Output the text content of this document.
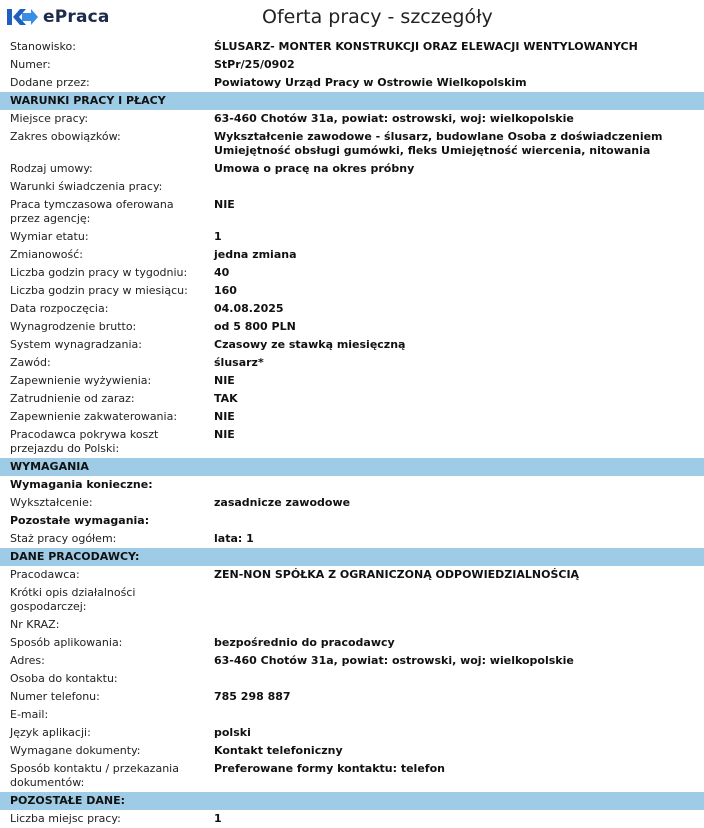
ePraca	Oferta pracy - szczegóły
Stanowisko:	ŚLUSARZ- MONTER KONSTRUKCJI ORAZ ELEWACJI WENTYLOWANYCH
Numer:	StPr/25/0902
Dodane przez:	Powiatowy Urząd Pracy w Ostrowie Wielkopolskim
WARUNKI PRACY I PŁACY	
Miejsce pracy:	63-460 Chotów 31a, powiat: ostrowski, woj: wielkopolskie
Zakres obowiązków:	Wykształcenie zawodowe - ślusarz, budowlane Osoba z doświadczeniem Umiejętność obsługi gumówki, fleks Umiejętność wiercenia, nitowania
Rodzaj umowy:	Umowa o pracę na okres próbny
Warunki świadczenia pracy:	
Praca tymczasowa oferowana przez agencję:	NIE
Wymiar etatu:	1
Zmianowość:	jedna zmiana
Liczba godzin pracy w tygodniu:	40
Liczba godzin pracy w miesiącu:	160
Data rozpoczęcia:	04.08.2025
Wynagrodzenie brutto:	od 5 800 PLN
System wynagradzania:	Czasowy ze stawką miesięczną
Zawód:	ślusarz*
Zapewnienie wyżywienia:	NIE
Zatrudnienie od zaraz:	TAK
Zapewnienie zakwaterowania:	NIE
Pracodawca pokrywa koszt przejazdu do Polski:	NIE
WYMAGANIA	
Wymagania konieczne:	
Wykształcenie:	zasadnicze zawodowe
Pozostałe wymagania:	
Staż pracy ogółem:	lata: 1
DANE PRACODAWCY:	
Pracodawca:	ZEN-NON SPÓŁKA Z OGRANICZONĄ ODPOWIEDZIALNOŚCIĄ
Krótki opis działalności gospodarczej:	
Nr KRAZ:	
Sposób aplikowania:	bezpośrednio do pracodawcy
Adres:	63-460 Chotów 31a, powiat: ostrowski, woj: wielkopolskie
Osoba do kontaktu:	
Numer telefonu:	785 298 887
E-mail:	
Język aplikacji:	polski
Wymagane dokumenty:	Kontakt telefoniczny
Sposób kontaktu / przekazania dokumentów:	Preferowane formy kontaktu: telefon
POZOSTAŁE DANE:	
Liczba miejsc pracy:	1
